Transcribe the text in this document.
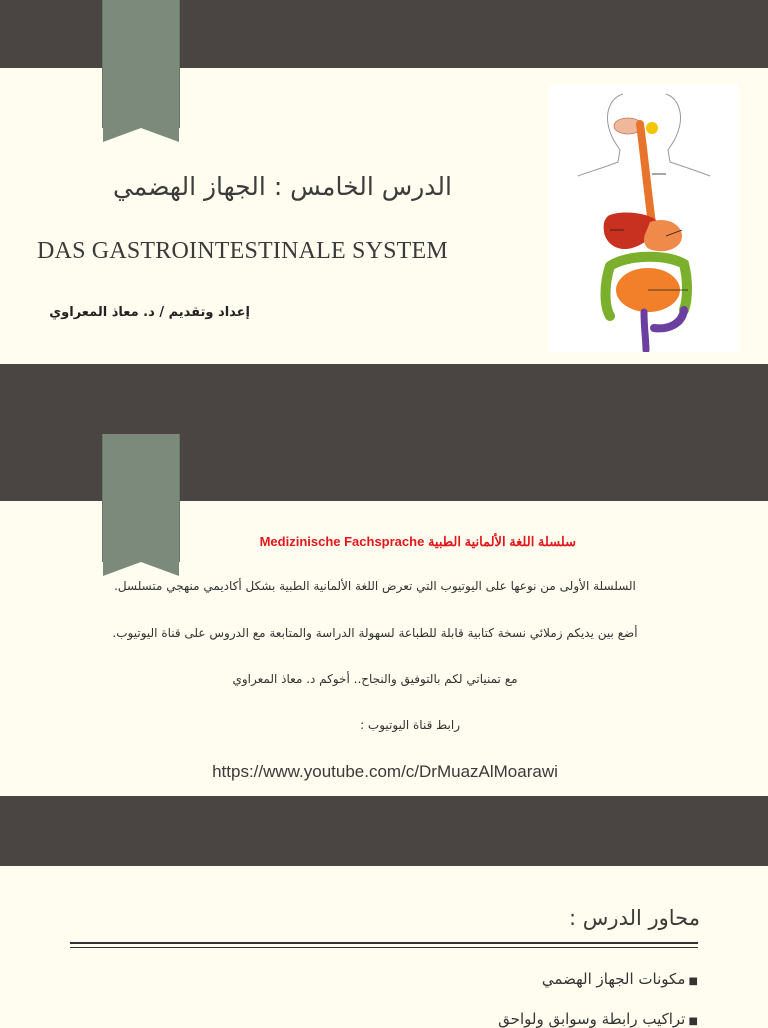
الدرس الخامس : الجهاز الهضمي
DAS GASTROINTESTINALE SYSTEM
إعداد وتقديم / د. معاذ المعراوي
سلسلة اللغة الألمانية الطبية Medizinische Fachsprache
السلسلة الأولى من نوعها على اليوتيوب التي تعرض اللغة الألمانية الطبية بشكل أكاديمي منهجي متسلسل.
أضع بين يديكم زملائي نسخة كتابية قابلة للطباعة لسهولة الدراسة والمتابعة مع الدروس على قناة اليوتيوب.
مع تمنياتي لكم بالتوفيق والنجاح.. أخوكم د. معاذ المعراوي
رابط قناة اليوتيوب :
https://www.youtube.com/c/DrMuazAlMoarawi
محاور الدرس :
■ مكونات الجهاز الهضمي
■ تراكيب رابطة وسوابق ولواحق
